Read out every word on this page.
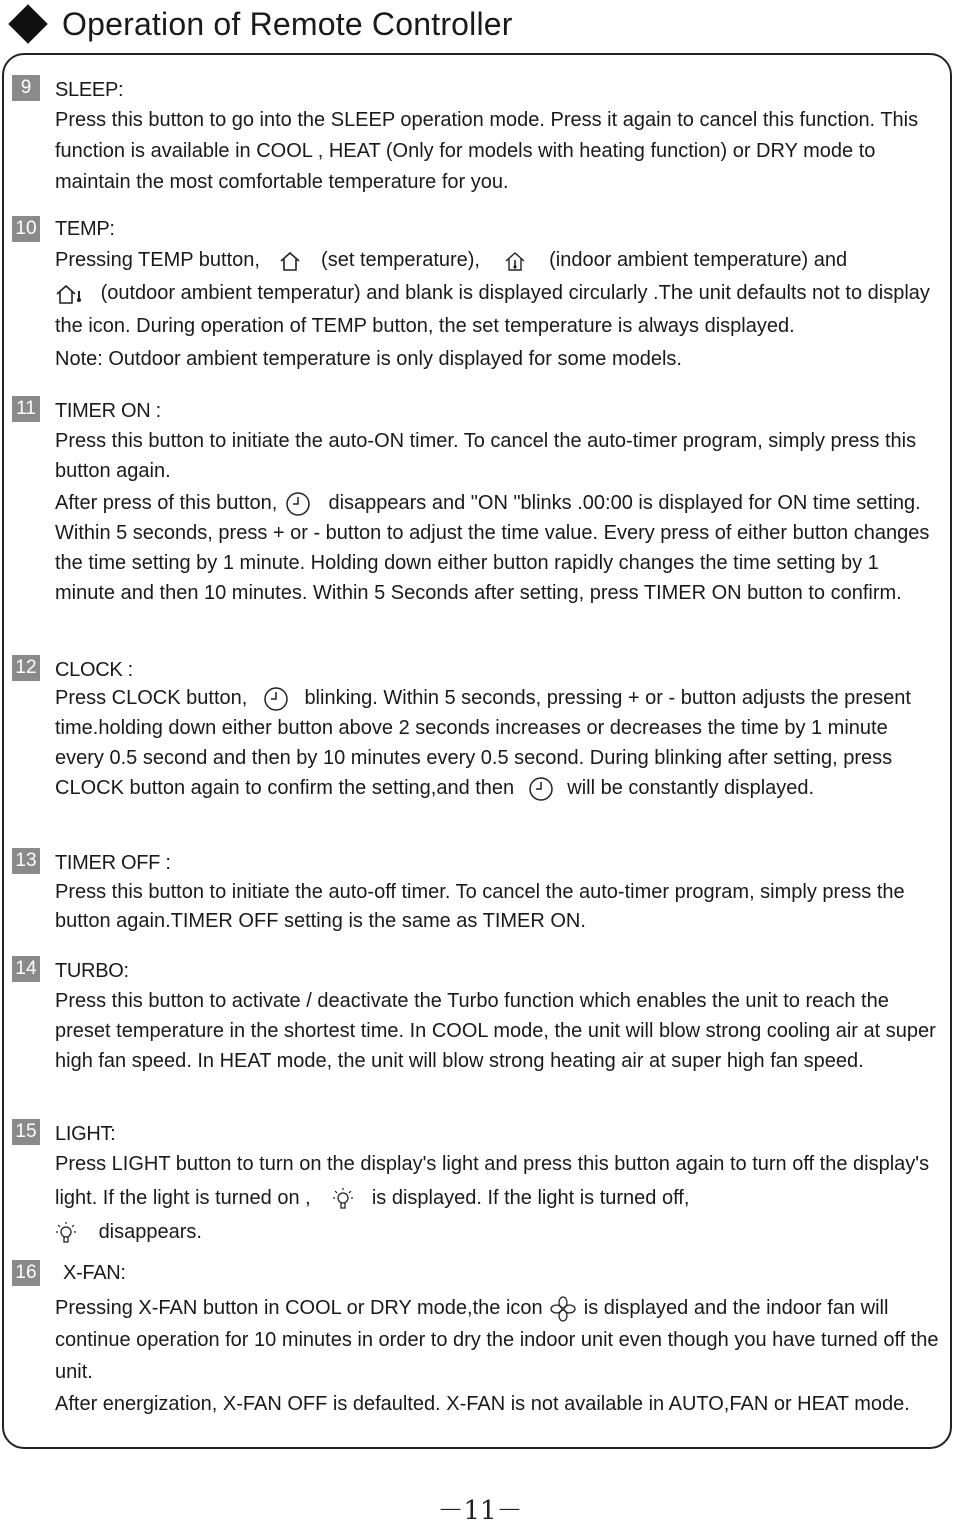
Operation of Remote Controller
9	SLEEP:

Press this button to go into the SLEEP operation mode. Press it again to cancel this function. This function is available in COOL , HEAT (Only for models with heating function) or DRY mode to maintain the most comfortable temperature for you.

10 TEMP:

Pressing TEMP button,	(set temperature),	(indoor ambient temperature) and

(outdoor ambient temperatur) and blank is displayed circularly .The unit defaults not to display the icon. During operation of TEMP button, the set temperature is always displayed.

Note: Outdoor ambient temperature is only displayed for some models.

11 TIMER ON :

Press this button to initiate the auto-ON timer. To cancel the auto-timer program, simply press this button again.

After press of this button,	disappears and "ON "blinks .00:00 is displayed for ON time setting. Within 5 seconds, press + or - button to adjust the time value. Every press of either button changes the time setting by 1 minute. Holding down either button rapidly changes the time setting by 1 minute and then 10 minutes. Within 5 Seconds after setting, press TIMER ON button to confirm.

12 CLOCK :

Press CLOCK button,	blinking. Within 5 seconds, pressing + or - button adjusts the present time.holding down either button above 2 seconds increases or decreases the time by 1 minute every 0.5 second and then by 10 minutes every 0.5 second. During blinking after setting, press CLOCK button again to confirm the setting,and then	will be constantly displayed.

13 TIMER OFF :

Press this button to initiate the auto-off timer. To cancel the auto-timer program, simply press the button again.TIMER OFF setting is the same as TIMER ON.

14 TURBO:

Press this button to activate / deactivate the Turbo function which enables the unit to reach the preset temperature in the shortest time. In COOL mode, the unit will blow strong cooling air at super high fan speed. In HEAT mode, the unit will blow strong heating air at super high fan speed.

15 LIGHT:

Press LIGHT button to turn on the display's light and press this button again to turn off the display's light. If the light is turned on ,	is displayed. If the light is turned off,

disappears.

16 X-FAN:

Pressing X-FAN button in COOL or DRY mode,the icon is displayed and the indoor fan will continue operation for 10 minutes in order to dry the indoor unit even though you have turned off the unit.

After energization, X-FAN OFF is defaulted. X-FAN is not available in AUTO,FAN or HEAT mode.

－11－
